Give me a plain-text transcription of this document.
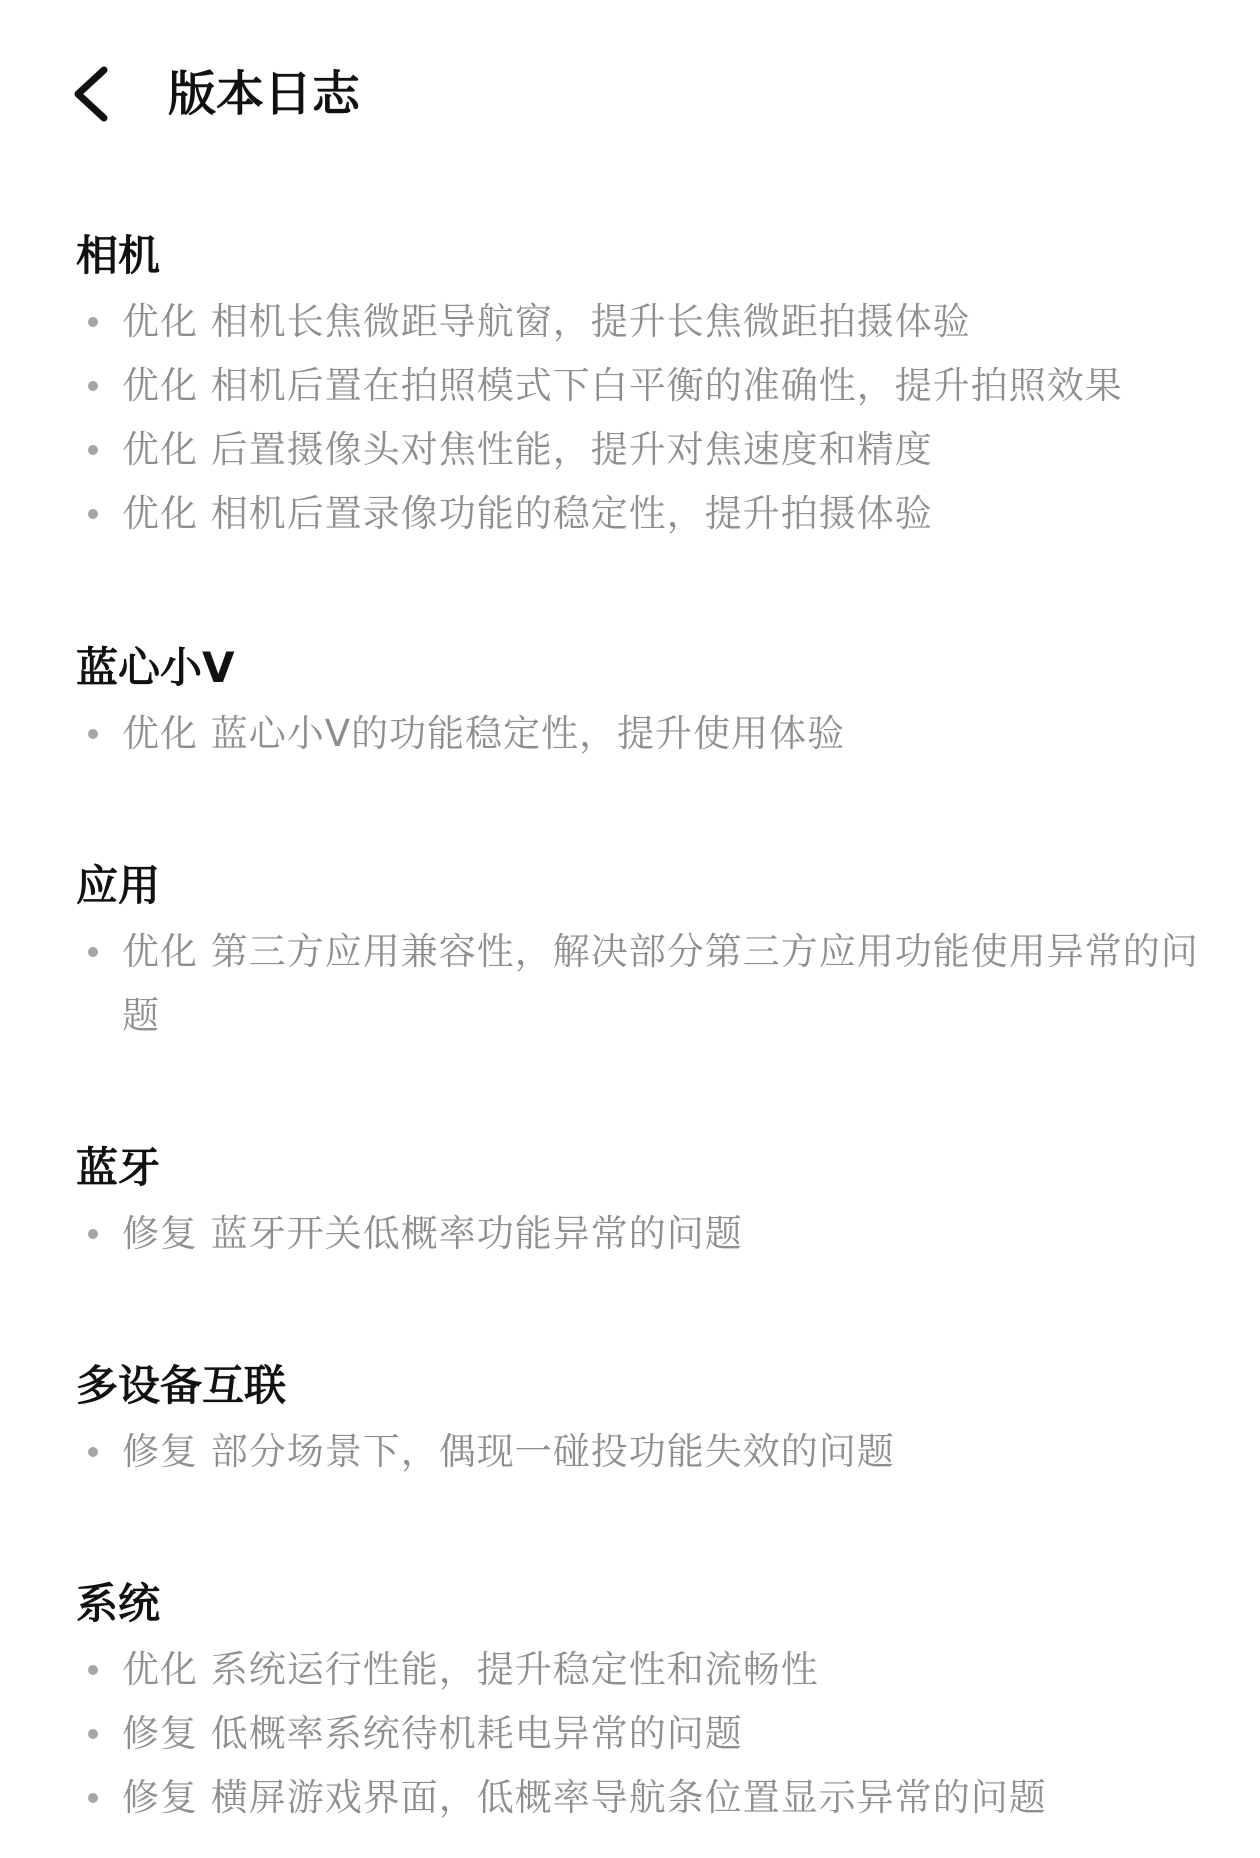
版本日志
相机
优化 相机长焦微距导航窗，提升长焦微距拍摄体验
优化 相机后置在拍照模式下白平衡的准确性，提升拍照效果
优化 后置摄像头对焦性能，提升对焦速度和精度
优化 相机后置录像功能的稳定性，提升拍摄体验
蓝心小V
优化 蓝心小V的功能稳定性，提升使用体验
应用
优化 第三方应用兼容性，解决部分第三方应用功能使用异常的问题
蓝牙
修复 蓝牙开关低概率功能异常的问题
多设备互联
修复 部分场景下，偶现一碰投功能失效的问题
系统
优化 系统运行性能，提升稳定性和流畅性
修复 低概率系统待机耗电异常的问题
修复 横屏游戏界面，低概率导航条位置显示异常的问题
